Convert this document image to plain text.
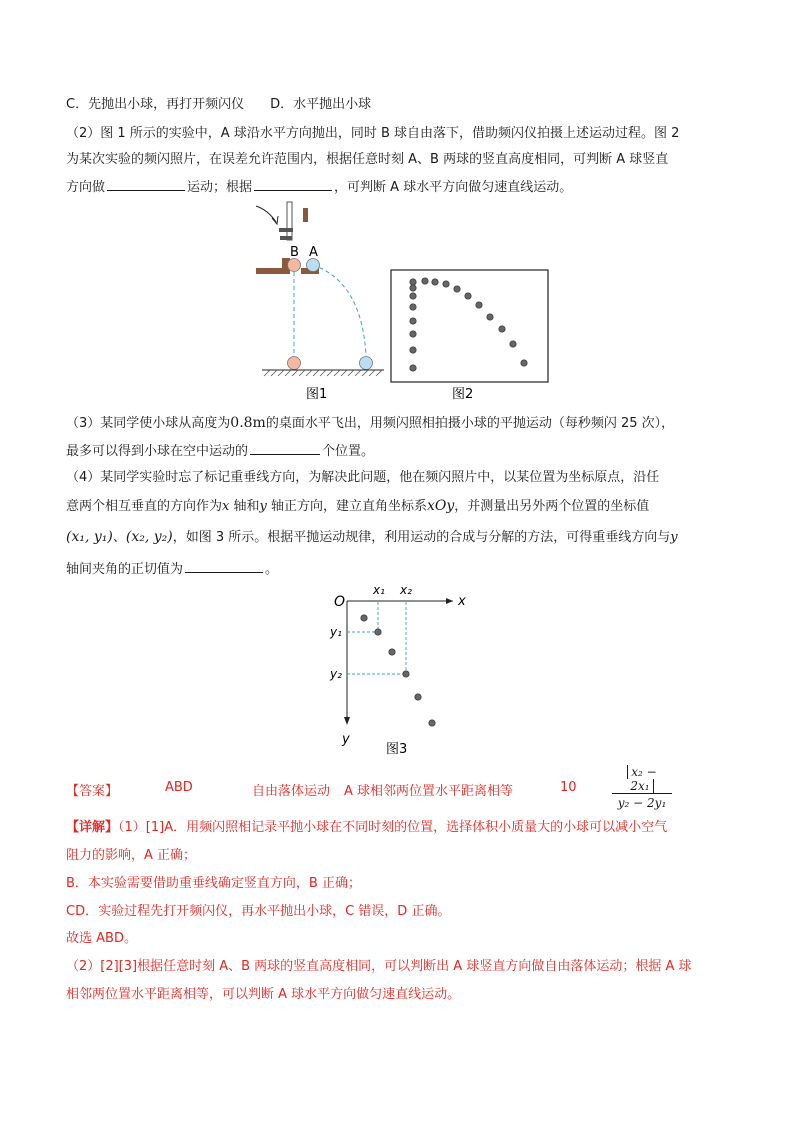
C．先抛出小球，再打开频闪仪　　D．水平抛出小球
（2）图 1 所示的实验中，A 球沿水平方向抛出，同时 B 球自由落下，借助频闪仪拍摄上述运动过程。图 2
为某次实验的频闪照片，在误差允许范围内，根据任意时刻 A、B 两球的竖直高度相同，可判断 A 球竖直
方向做	运动；根据	，可判断 A 球水平方向做匀速直线运动。
B A
图1	图2
（3）某同学使小球从高度为0.8m的桌面水平飞出，用频闪照相拍摄小球的平抛运动（每秒频闪 25 次），
最多可以得到小球在空中运动的	个位置。
（4）某同学实验时忘了标记重垂线方向，为解决此问题，他在频闪照片中，以某位置为坐标原点，沿任
意两个相互垂直的方向作为x 轴和y 轴正方向，建立直角坐标系xOy，并测量出另外两个位置的坐标值
(x₁, y₁)、(x₂, y₂)，如图 3 所示。根据平抛运动规律，利用运动的合成与分解的方法，可得重垂线方向与y
轴间夹角的正切值为	。
O	x
y
x₁ x₂
y₁
y₂
图3
【答案】	ABD	自由落体运动 A 球相邻两位置水平距离相等	10	$\frac{\text{x₂ − 2x₁}}{\text{y₂ − 2y₁}}$
【详解】（1）[1]A．用频闪照相记录平抛小球在不同时刻的位置，选择体积小质量大的小球可以减小空气
阻力的影响，A 正确；
B．本实验需要借助重垂线确定竖直方向，B 正确；
CD．实验过程先打开频闪仪，再水平抛出小球，C 错误，D 正确。
故选 ABD。
（2）[2][3]根据任意时刻 A、B 两球的竖直高度相同，可以判断出 A 球竖直方向做自由落体运动；根据 A 球
相邻两位置水平距离相等，可以判断 A 球水平方向做匀速直线运动。
